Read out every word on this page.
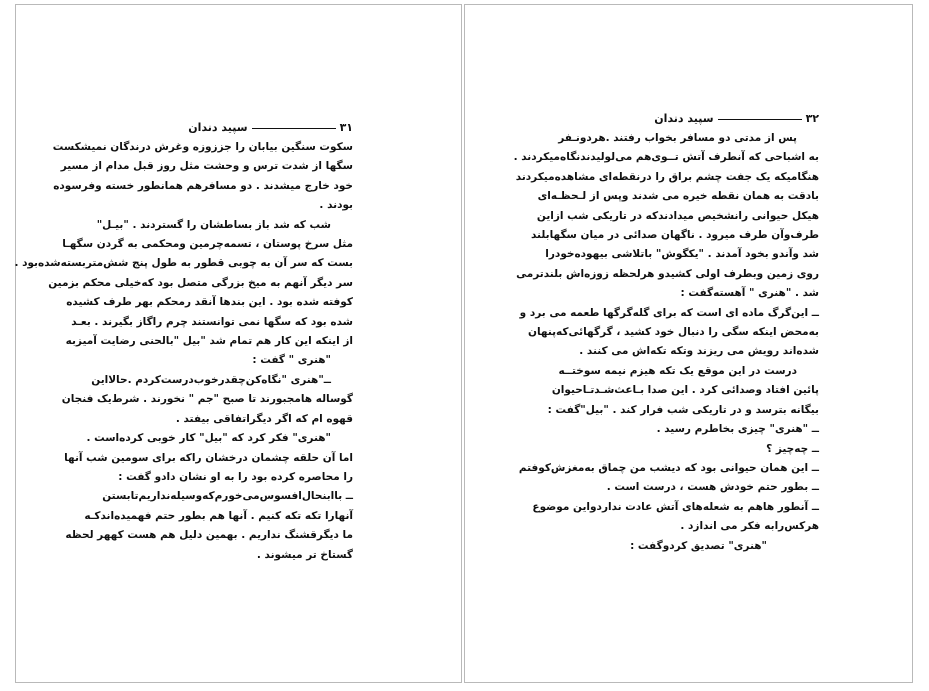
۳۱
سپید دندان
سکوت سنگین بیابان را جززوزه وغرش درندگان نمیشکست
سگها از شدت ترس و وحشت مثل روز قبل مدام از مسیر
خود خارج میشدند . دو مسافرهم همانطور خسته وفرسوده
بودند .
شب که شد باز بساطشان را گستردند . "بیـل"
مثل سرخ پوستان ، تسمه‌چرمین ومحکمی به گردن سگهـا
بست که سر آن به چوبی قطور به طول پنج شش‌متربسته‌شده‌بود .
سر دیگر آنهم به میخ بزرگی متصل بود که‌خیلی محکم بزمین
کوفته شده بود . این بندها آنقد رمحکم بهر طرف کشیده
شده بود که سگها نمی توانستند چرم راگاز بگیرند . بعـد
از اینکه این کار هم تمام شد "بیل "بالحنی رضایت آمیزبه
"هنری " گفت :
ــ"هنری "نگاه‌کن‌چقدرخوب‌درست‌کردم .حالا‌این
گوساله هامجبورند تا صبح "جم " نخورند . شرط‌یک فنجان
قهوه ام که اگر دیگراتفاقی بیفتد .
"هنری" فکر کرد که "بیل" کار خوبی کرده‌است .
اما آن حلقه چشمان درخشان راکه برای سومین شب آنها
را محاصره کرده بود را به او نشان دادو گفت :
ــ باابنحال‌افسوس‌می‌خورم‌که‌وسیله‌نداریم‌تابستن
آنهارا تکه تکه کنیم . آنها هم بطور حتم فهمیده‌اندکـه
ما دیگرقشنگ نداریم . بهمین دلیل هم هست کههر لحظه
گستاخ تر میشوند .
۳۲
سپید دندان
پس از مدتی دو مسافر بخواب رفتند .هردو‌نـفر
به اشباحی که آنطرف آتش تــوی‌هم می‌لولیدند‌نگاه‌میکردند .
هنگامیکه یک جفت چشم براق را درنقطه‌ای مشاهده‌میکردند
بادقت به همان نقطه خیره می شدند وپس از لـحظـه‌ای
هیکل حیوانی رانشخیص میدادندکه در تاریکی شب ازاین
طرف‌وآن طرف میرود . ناگهان صدائی در میان سگهابلند
شد وآندو بخود آمدند . "یکگوش" باتلاشی بیهوده‌خودرا
روی زمین وبطرف اولی کشیدو هرلحظه زوزه‌اش بلندترمی
شد . "هنری " آهسته‌گفت :
ــ این‌گرگ ماده ای است که برای گله‌گرگها طعمه می برد و
به‌محض اینکه سگی را دنبال خود کشید ، گرگهائی‌که‌پنهان
شده‌اند رویش می ریزند وتکه تکه‌اش می کنند .
درست در این موقع یک تکه هیزم نیمه سوختــه
پائین افتاد وصدائی کرد . این صدا بـاعث‌شـد‌تـاحیوان
بیگانه بترسد و در تاریکی شب فرار کند . "بیل"گفت :
ــ "هنری" چیزی بخاطرم رسید .
ــ چه‌چیز ؟
ــ این همان حیوانی بود که دیشب من چماق به‌مغزش‌کوفتم
ــ بطور حتم خودش هست ، درست است .
ــ آنطور هاهم به شعله‌های آتش عادت نداردواین موضوع
هرکس‌را‌به فکر می اندازد .
"هنری" تصدیق کردوگفت :
